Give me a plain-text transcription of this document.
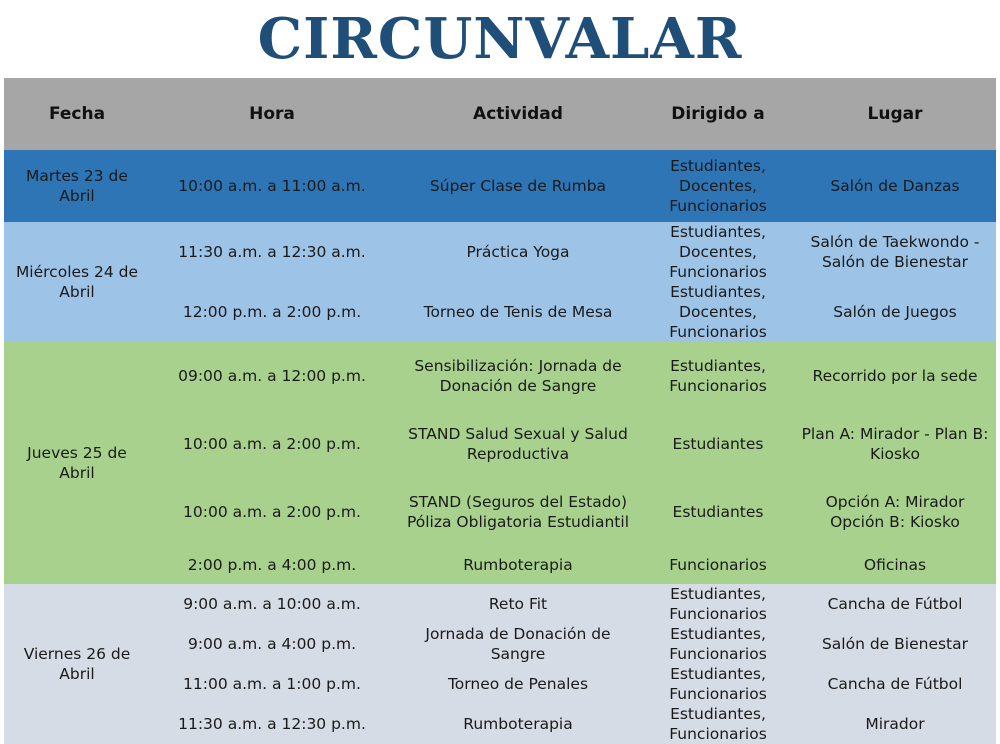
CIRCUNVALAR
Fecha	Hora	Actividad	Dirigido a	Lugar
Martes 23 de Abril	10:00 a.m. a 11:00 a.m.	Súper Clase de Rumba	Estudiantes, Docentes, Funcionarios	Salón de Danzas
Miércoles 24 de Abril	11:30 a.m. a 12:30 a.m.	Práctica Yoga	Estudiantes, Docentes, Funcionarios	Salón de Taekwondo - Salón de Bienestar
	12:00 p.m. a 2:00 p.m.	Torneo de Tenis de Mesa	Estudiantes, Docentes, Funcionarios	Salón de Juegos
Jueves 25 de Abril	09:00 a.m. a 12:00 p.m.	Sensibilización: Jornada de Donación de Sangre	Estudiantes, Funcionarios	Recorrido por la sede
	10:00 a.m. a 2:00 p.m.	STAND Salud Sexual y Salud Reproductiva	Estudiantes	Plan A: Mirador - Plan B: Kiosko
	10:00 a.m. a 2:00 p.m.	STAND (Seguros del Estado) Póliza Obligatoria Estudiantil	Estudiantes	Opción A: Mirador Opción B: Kiosko
	2:00 p.m. a 4:00 p.m.	Rumboterapia	Funcionarios	Oficinas
Viernes 26 de Abril	9:00 a.m. a 10:00 a.m.	Reto Fit	Estudiantes, Funcionarios	Cancha de Fútbol
	9:00 a.m. a 4:00 p.m.	Jornada de Donación de Sangre	Estudiantes, Funcionarios	Salón de Bienestar
	11:00 a.m. a 1:00 p.m.	Torneo de Penales	Estudiantes, Funcionarios	Cancha de Fútbol
	11:30 a.m. a 12:30 p.m.	Rumboterapia	Estudiantes, Funcionarios	Mirador
